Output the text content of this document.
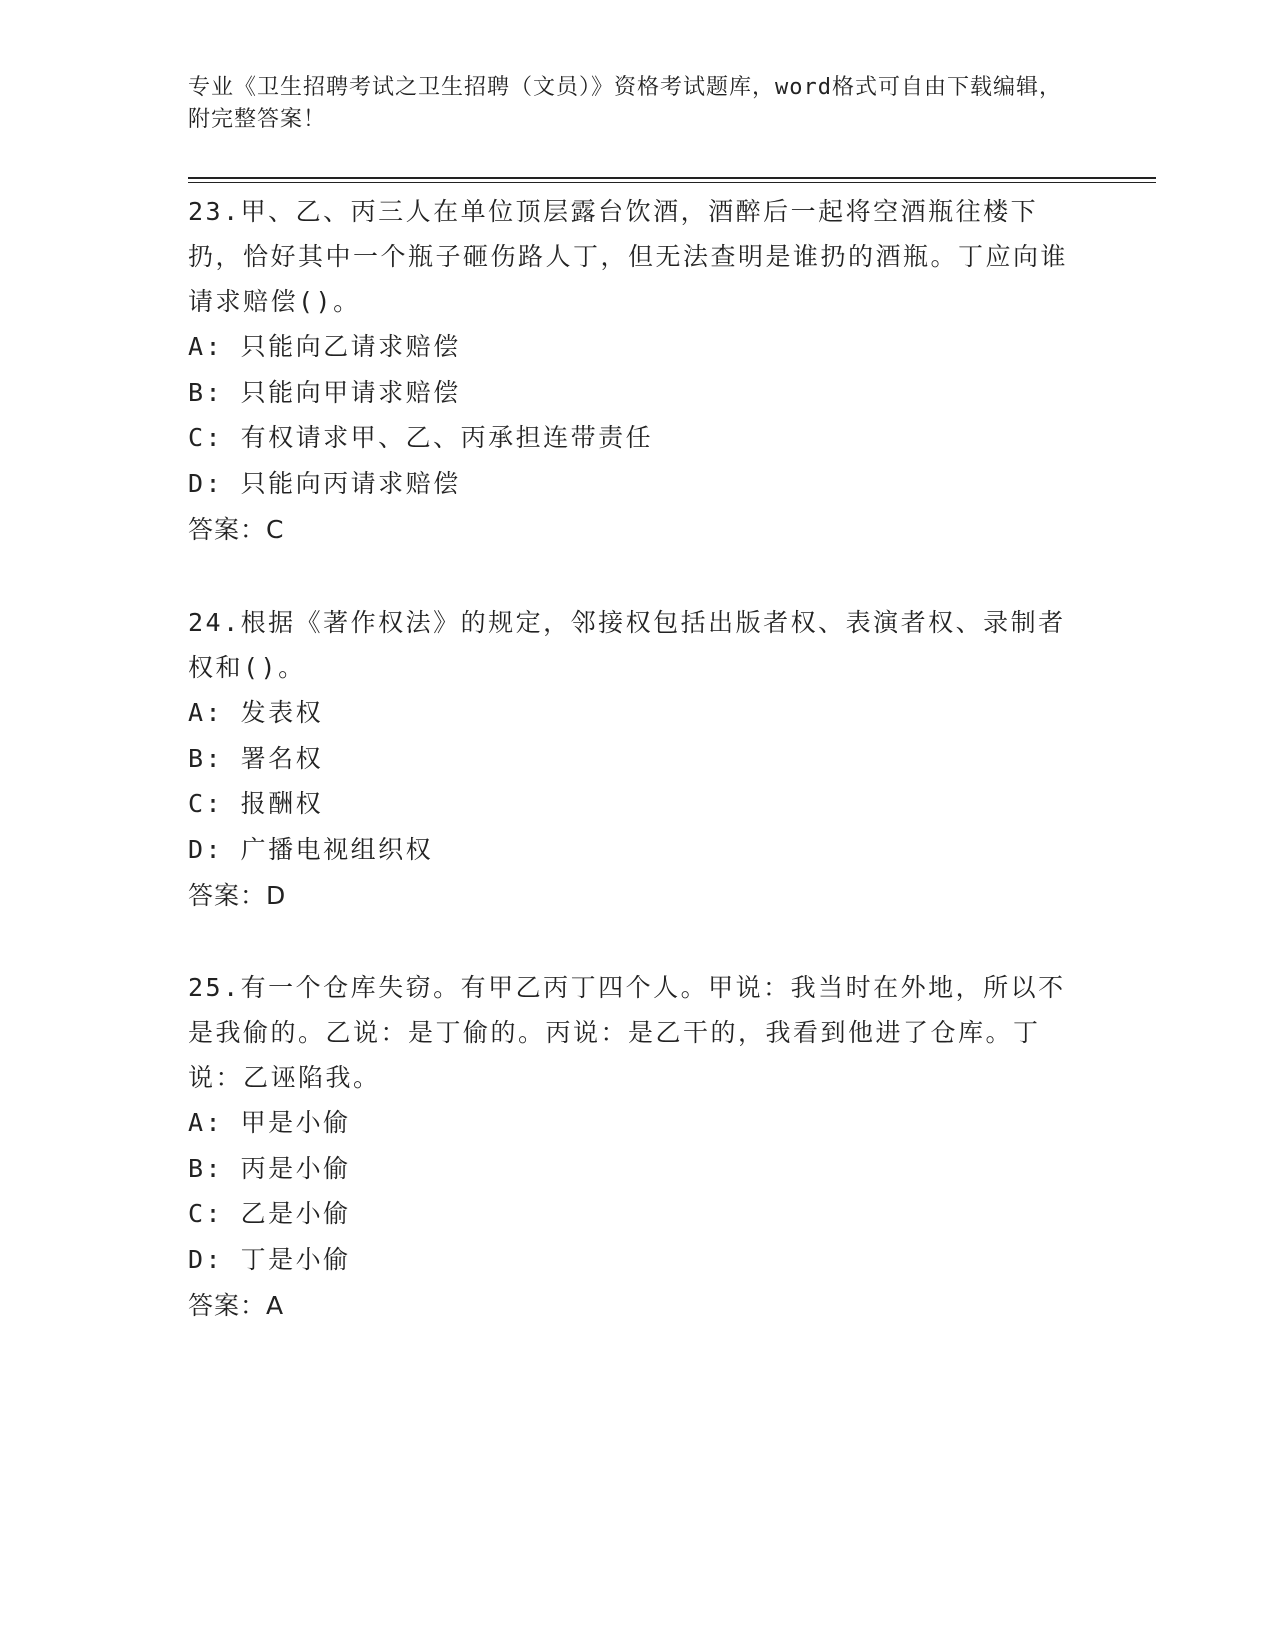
专业《卫生招聘考试之卫生招聘（文员）》资格考试题库，word格式可自由下载编辑，附完整答案！
23.甲、乙、丙三人在单位顶层露台饮酒，酒醉后一起将空酒瓶往楼下扔，恰好其中一个瓶子砸伤路人丁，但无法查明是谁扔的酒瓶。丁应向谁请求赔偿()。
A: 只能向乙请求赔偿
B: 只能向甲请求赔偿
C: 有权请求甲、乙、丙承担连带责任
D: 只能向丙请求赔偿
答案：C
24.根据《著作权法》的规定，邻接权包括出版者权、表演者权、录制者权和()。
A: 发表权
B: 署名权
C: 报酬权
D: 广播电视组织权
答案：D
25.有一个仓库失窃。有甲乙丙丁四个人。甲说：我当时在外地，所以不是我偷的。乙说：是丁偷的。丙说：是乙干的，我看到他进了仓库。丁说：乙诬陷我。
A: 甲是小偷
B: 丙是小偷
C: 乙是小偷
D: 丁是小偷
答案：A
